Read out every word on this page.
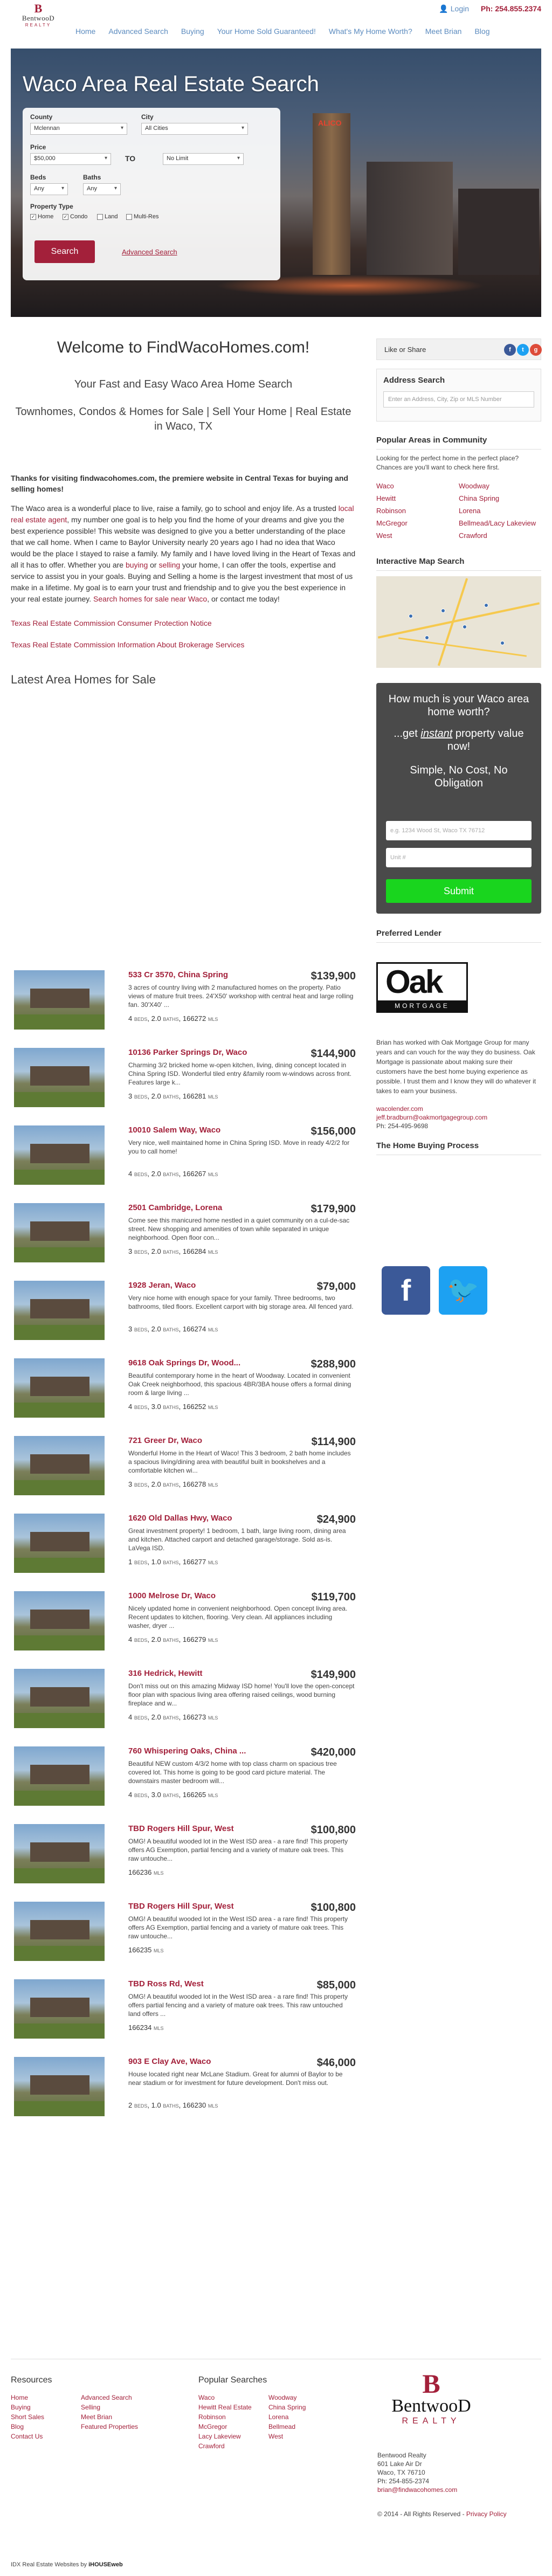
B
BentwooD
REALTY
👤 Login Ph: 254.855.2374
Home Advanced Search Buying Your Home Sold Guaranteed! What's My Home Worth? Meet Brian Blog
ALICO
Waco Area Real Estate Search
County
Mclennan ▾
City
All Cities ▾
Price
$50,000 ▾	TO	No Limit ▾
Beds
Any ▾
Baths
Any ▾
Property Type
✓ Home ✓ Condo	Land	Multi-Res
Search	Advanced Search
Welcome to FindWacoHomes.com!
Your Fast and Easy Waco Area Home Search
Townhomes, Condos & Homes for Sale | Sell Your Home | Real Estate in Waco, TX
Thanks for visiting findwacohomes.com, the premiere website in Central Texas for buying and selling homes!
The Waco area is a wonderful place to live, raise a family, go to school and enjoy life. As a trusted local real estate agent, my number one goal is to help you find the home of your dreams and give you the best experience possible! This website was designed to give you a better understanding of the place that we call home. When I came to Baylor University nearly 20 years ago I had no idea that Waco would be the place I stayed to raise a family. My family and I have loved living in the Heart of Texas and all it has to offer. Whether you are buying or selling your home, I can offer the tools, expertise and service to assist you in your goals. Buying and Selling a home is the largest investment that most of us make in a lifetime. My goal is to earn your trust and friendship and to give you the best experience in your real estate journey. Search homes for sale near Waco, or contact me today!
Texas Real Estate Commission Consumer Protection Notice
Texas Real Estate Commission Information About Brokerage Services
Latest Area Homes for Sale
533 Cr 3570, China Spring	$139,900
3 acres of country living with 2 manufactured homes on the property. Patio views of mature fruit trees. 24'X50' workshop with central heat and large rolling fan. 30'X40' ...
4 BEDS, 2.0 BATHS, 166272 MLS
10136 Parker Springs Dr, Waco	$144,900
Charming 3/2 bricked home w-open kitchen, living, dining concept located in China Spring ISD. Wonderful tiled entry &family room w-windows across front. Features large k...
3 BEDS, 2.0 BATHS, 166281 MLS
10010 Salem Way, Waco	$156,000
Very nice, well maintained home in China Spring ISD. Move in ready 4/2/2 for you to call home!
4 BEDS, 2.0 BATHS, 166267 MLS
2501 Cambridge, Lorena	$179,900
Come see this manicured home nestled in a quiet community on a cul-de-sac street. New shopping and amenities of town while separated in unique neighborhood. Open floor con...
3 BEDS, 2.0 BATHS, 166284 MLS
1928 Jeran, Waco	$79,000
Very nice home with enough space for your family. Three bedrooms, two bathrooms, tiled floors. Excellent carport with big storage area. All fenced yard.
3 BEDS, 2.0 BATHS, 166274 MLS
9618 Oak Springs Dr, Wood...	$288,900
Beautiful contemporary home in the heart of Woodway. Located in convenient Oak Creek neighborhood, this spacious 4BR/3BA house offers a formal dining room & large living ...
4 BEDS, 3.0 BATHS, 166252 MLS
721 Greer Dr, Waco	$114,900
Wonderful Home in the Heart of Waco! This 3 bedroom, 2 bath home includes a spacious living/dining area with beautiful built in bookshelves and a comfortable kitchen wi...
3 BEDS, 2.0 BATHS, 166278 MLS
1620 Old Dallas Hwy, Waco	$24,900
Great investment property! 1 bedroom, 1 bath, large living room, dining area and kitchen. Attached carport and detached garage/storage. Sold as-is. LaVega ISD.
1 BEDS, 1.0 BATHS, 166277 MLS
1000 Melrose Dr, Waco	$119,700
Nicely updated home in convenient neighborhood. Open concept living area. Recent updates to kitchen, flooring. Very clean. All appliances including washer, dryer ...
4 BEDS, 2.0 BATHS, 166279 MLS
316 Hedrick, Hewitt	$149,900
Don't miss out on this amazing Midway ISD home! You'll love the open-concept floor plan with spacious living area offering raised ceilings, wood burning fireplace and w...
4 BEDS, 2.0 BATHS, 166273 MLS
760 Whispering Oaks, China ...	$420,000
Beautiful NEW custom 4/3/2 home with top class charm on spacious tree covered lot. This home is going to be good card picture material. The downstairs master bedroom will...
4 BEDS, 3.0 BATHS, 166265 MLS
TBD Rogers Hill Spur, West	$100,800
OMG! A beautiful wooded lot in the West ISD area - a rare find! This property offers AG Exemption, partial fencing and a variety of mature oak trees. This raw untouche...
166236 MLS
TBD Rogers Hill Spur, West	$100,800
OMG! A beautiful wooded lot in the West ISD area - a rare find! This property offers AG Exemption, partial fencing and a variety of mature oak trees. This raw untouche...
166235 MLS
TBD Ross Rd, West	$85,000
OMG! A beautiful wooded lot in the West ISD area - a rare find! This property offers partial fencing and a variety of mature oak trees. This raw untouched land offers ...
166234 MLS
903 E Clay Ave, Waco	$46,000
House located right near McLane Stadium. Great for alumni of Baylor to be near stadium or for investment for future development. Don't miss out.
2 BEDS, 1.0 BATHS, 166230 MLS
Like or Share	f	t	g
Address Search
Enter an Address, City, Zip or MLS Number
Popular Areas in Community
Looking for the perfect home in the perfect place? Chances are you'll want to check here first.
Waco	Woodway
Hewitt	China Spring
Robinson	Lorena
McGregor	Bellmead/Lacy Lakeview
West	Crawford
Interactive Map Search
How much is your Waco area home worth?
...get instant property value now!
Simple, No Cost, No Obligation
e.g. 1234 Wood St, Waco TX 76712
Unit #
Submit
Preferred Lender
Oak
MORTGAGE
Brian has worked with Oak Mortgage Group for many years and can vouch for the way they do business. Oak Mortgage is passionate about making sure their customers have the best home buying experience as possible. I trust them and I know they will do whatever it takes to earn your business.
wacolender.com
jeff.bradburn@oakmortgagegroup.com
Ph: 254-495-9698
The Home Buying Process
f	🐦
Resources
Home
Buying
Short Sales
Blog
Contact Us
Advanced Search
Selling
Meet Brian
Featured Properties
Popular Searches
Waco
Hewitt Real Estate
Robinson
McGregor
Lacy Lakeview
Crawford
Woodway
China Spring
Lorena
Bellmead
West
B
BentwooD
REALTY
Bentwood Realty
601 Lake Air Dr
Waco, TX 76710
Ph: 254-855-2374
brian@findwacohomes.com
© 2014 - All Rights Reserved - Privacy Policy
IDX Real Estate Websites by iHOUSEweb
